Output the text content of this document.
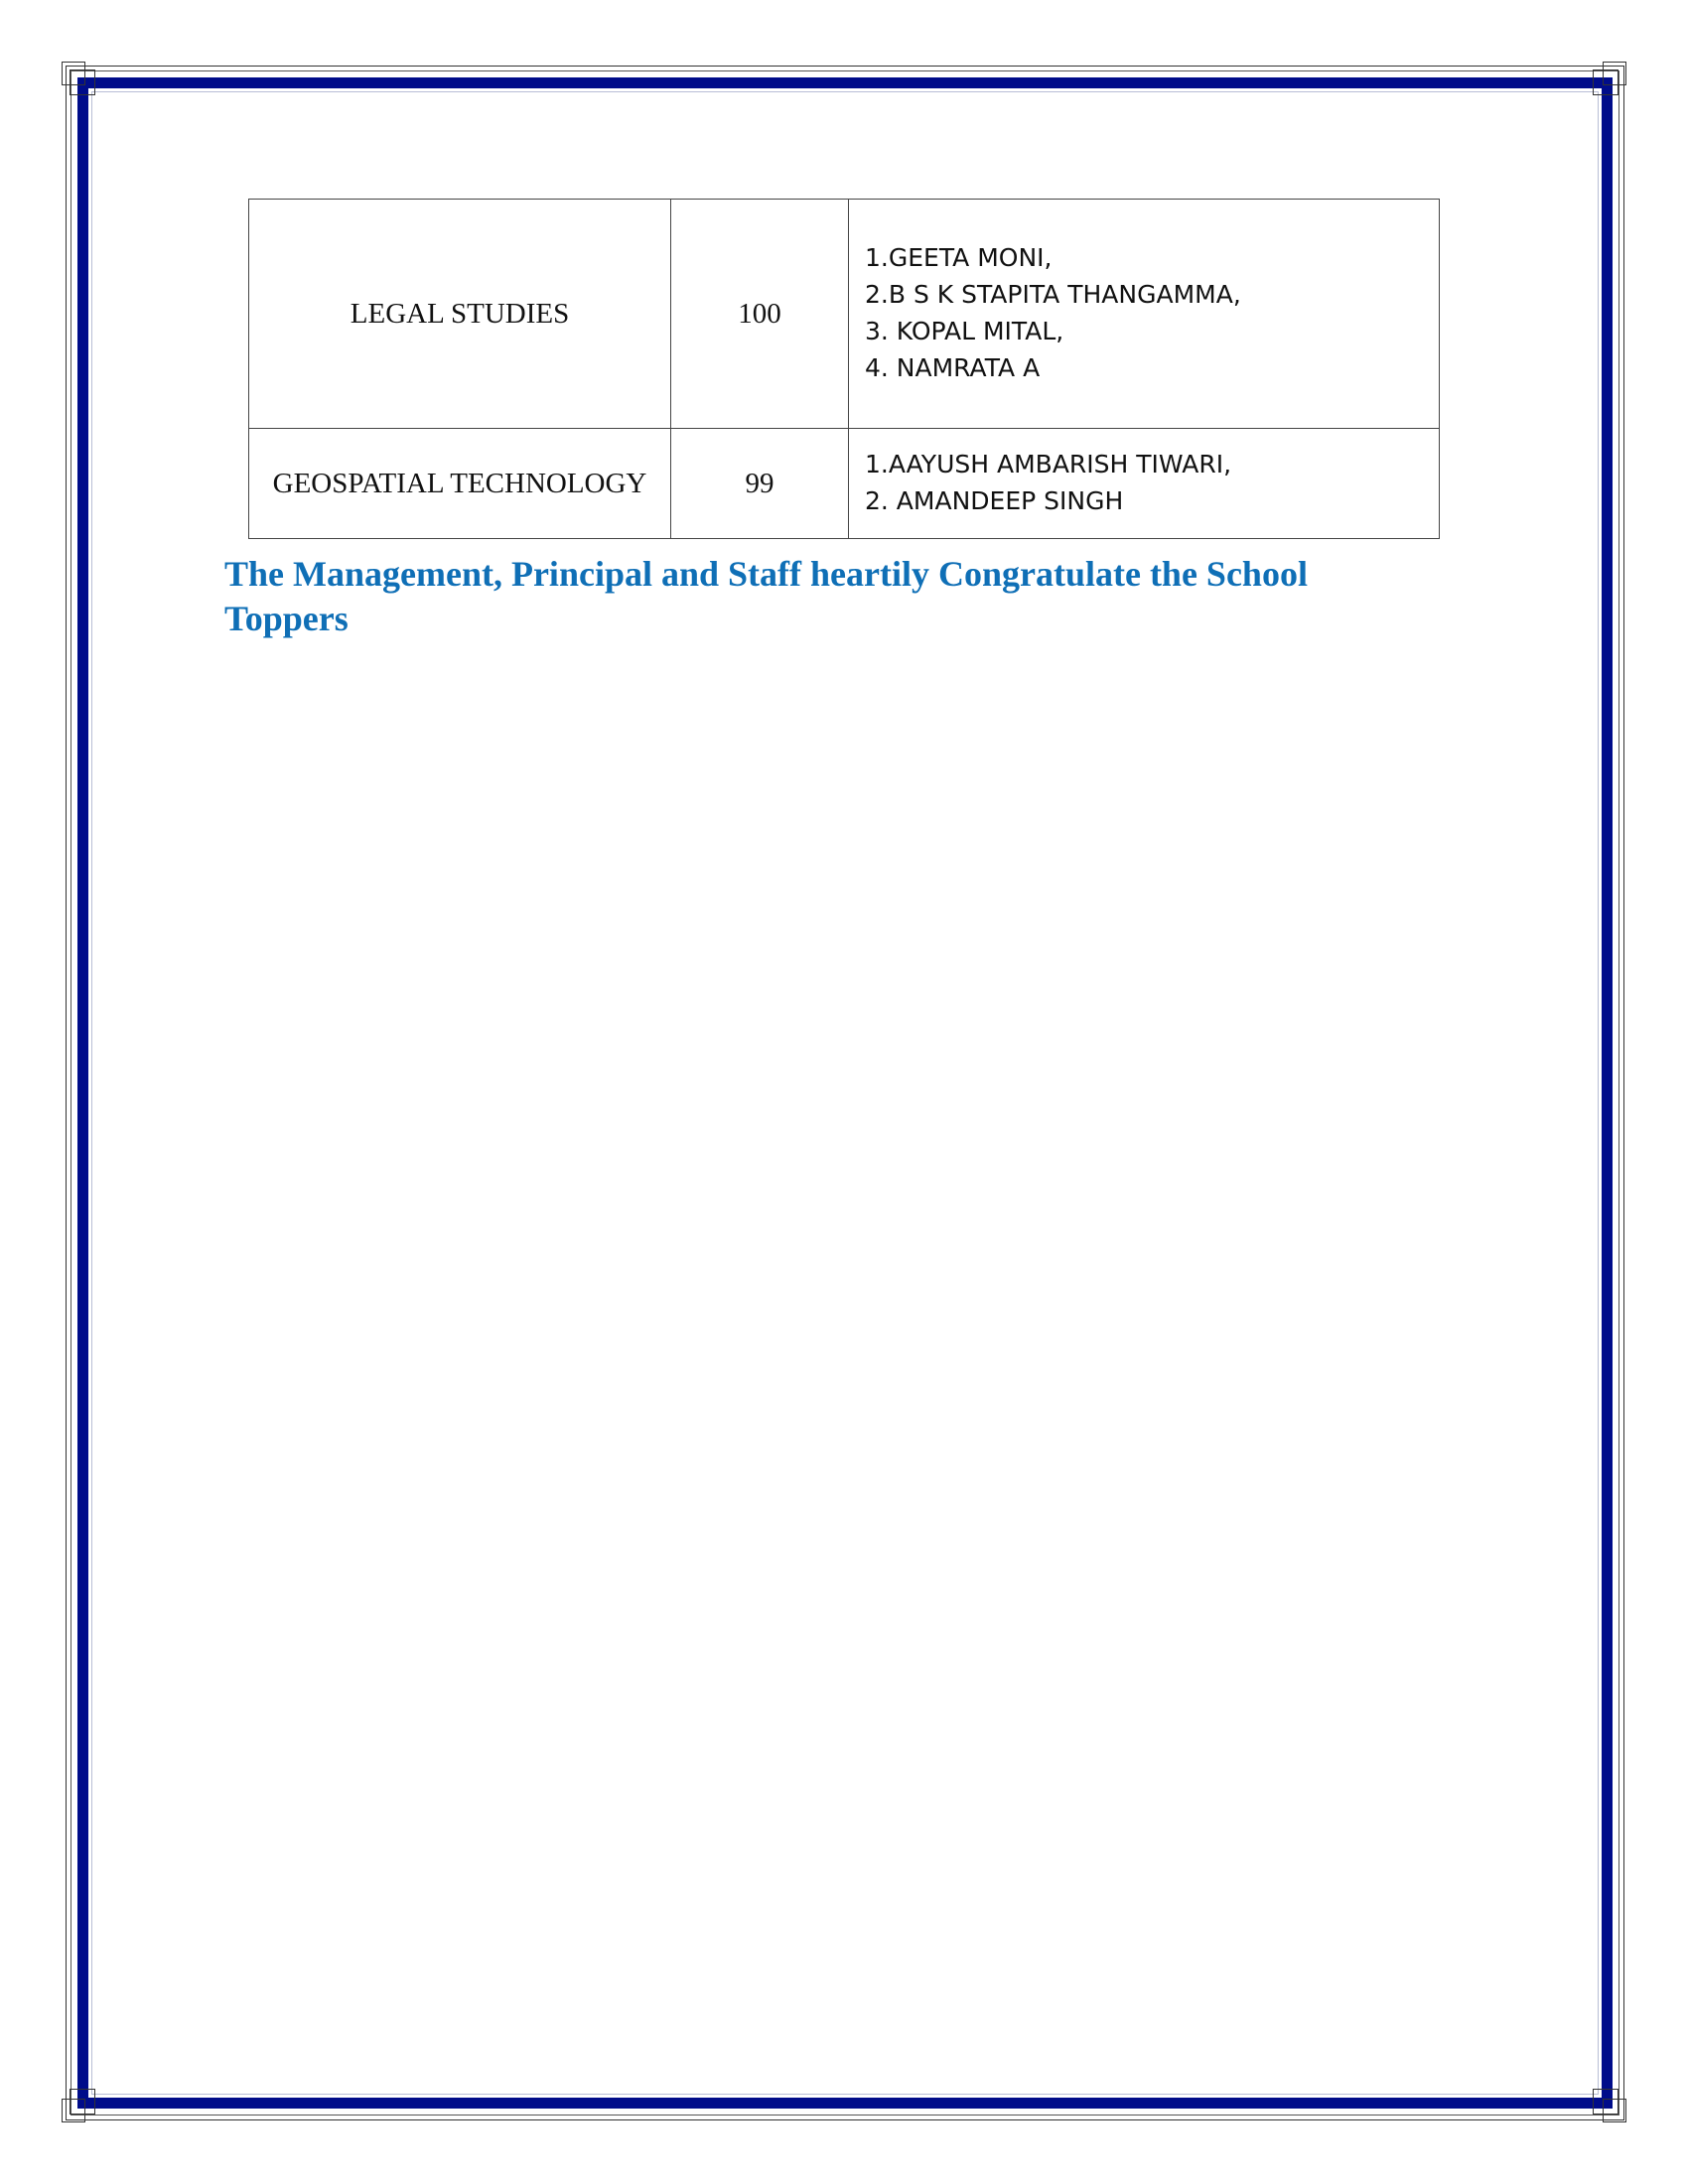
LEGAL STUDIES	100	1.GEETA MONI,
2.B S K STAPITA THANGAMMA,
3. KOPAL MITAL,
4. NAMRATA A

GEOSPATIAL TECHNOLOGY	99	1.AAYUSH AMBARISH TIWARI,
2. AMANDEEP SINGH

The Management, Principal and Staff heartily Congratulate the School Toppers
